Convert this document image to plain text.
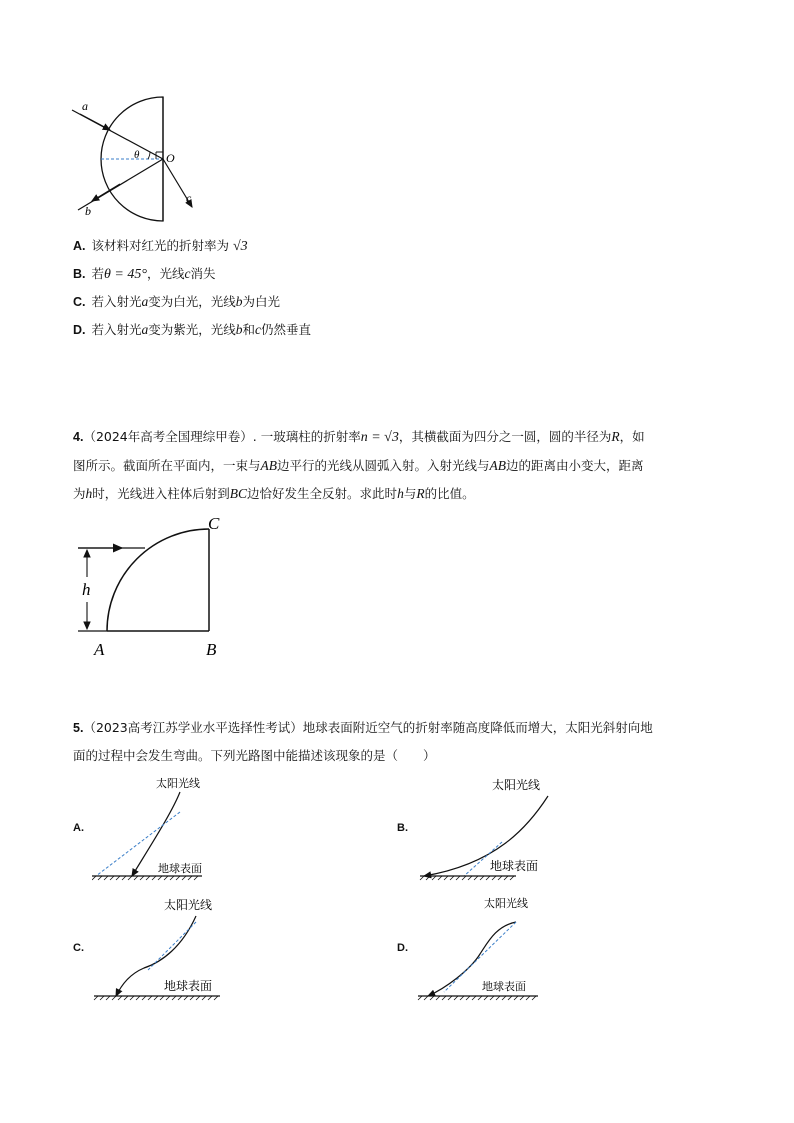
a
b
c
O
θ
A. 该材料对红光的折射率为 √3
B. 若θ = 45°，光线c消失
C. 若入射光a变为白光，光线b为白光
D. 若入射光a变为紫光，光线b和c仍然垂直
4.（2024年高考全国理综甲卷）. 一玻璃柱的折射率n = √3，其横截面为四分之一圆，圆的半径为R，如
图所示。截面所在平面内，一束与AB边平行的光线从圆弧入射。入射光线与AB边的距离由小变大，距离
为h时，光线进入柱体后射到BC边恰好发生全反射。求此时h与R的比值。
h
C
A	B
5.（2023高考江苏学业水平选择性考试）地球表面附近空气的折射率随高度降低而增大，太阳光斜射向地
面的过程中会发生弯曲。下列光路图中能描述该现象的是（　　）
A.
太阳光线
地球表面
B.
太阳光线
地球表面
C.
太阳光线
地球表面
D.
太阳光线
地球表面
